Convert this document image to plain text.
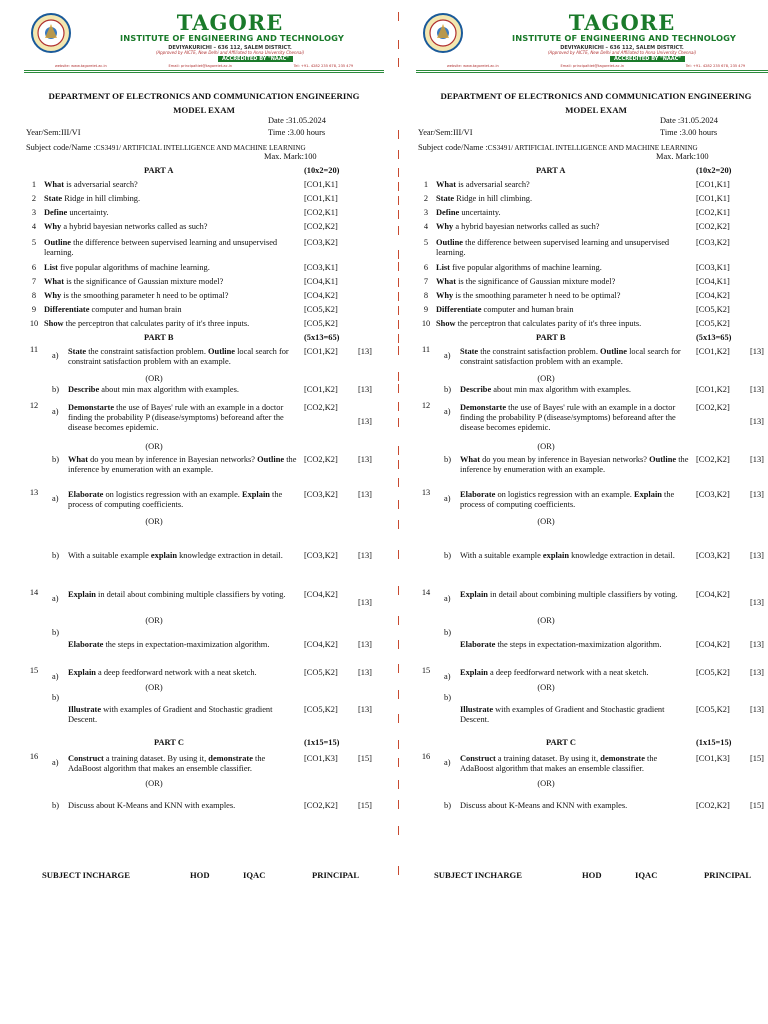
TAGORE
INSTITUTE OF ENGINEERING AND TECHNOLOGY
DEVIYAKURICHI – 636 112, SALEM DISTRICT.
(Approved by AICTE, New Delhi and Affiliated to Anna University Chennai)
ACCREDITED BY "NAAC"
website: www.tagoreiet.ac.in	Email: principaltiet@tagoreiet.ac.in	Tel: +91- 4282 235 678, 235 479
DEPARTMENT OF ELECTRONICS AND COMMUNICATION ENGINEERING
MODEL EXAM
Date :31.05.2024
Year/Sem:III/VI	Time :3.00 hours
Subject code/Name :CS3491/ ARTIFICIAL INTELLIGENCE AND MACHINE LEARNING
Max. Mark:100
PART A	(10x2=20)
1 What is adversarial search?	[CO1,K1]
2 State Ridge in hill climbing.	[CO1,K1]
3 Define uncertainty.	[CO2,K1]
4 Why a hybrid bayesian networks called as such?	[CO2,K2]
5 Outline the difference between supervised learning and unsupervised learning.
[CO3,K2]
6 List five popular algorithms of machine learning.	[CO3,K1]
7 What is the significance of Gaussian mixture model?	[CO4,K1]
8 Why is the smoothing parameter h need to be optimal?	[CO4,K2]
9 Differentiate computer and human brain	[CO5,K2]
10 Show the perceptron that calculates parity of it's three inputs.	[CO5,K2]
PART B	(5x13=65)
11
a) State the constraint satisfaction problem. Outline local search for constraint satisfaction problem with an example.
[CO1,K2] [13]
(OR)
b) Describe about min max algorithm with examples.	[CO1,K2] [13]
12
a) Demonstarte the use of Bayes' rule with an example in a doctor finding the probability P (disease/symptoms) beforeand after the disease becomes epidemic.
[CO2,K2]
[13]
(OR)
b) What do you mean by inference in Bayesian networks? Outline the inference by enumeration with an example.
[CO2,K2] [13]
13
a) Elaborate on logistics regression with an example. Explain the process of computing coefficients.
[CO3,K2] [13]
(OR)
b) With a suitable example explain knowledge extraction in detail.	[CO3,K2] [13]
14
a) Explain in detail about combining multiple classifiers by voting.	[CO4,K2]
[13]
(OR)
b)
Elaborate the steps in expectation-maximization algorithm.	[CO4,K2] [13]
15
a) Explain a deep feedforward network with a neat sketch.	[CO5,K2] [13]
(OR)
b)
Illustrate with examples of Gradient and Stochastic gradient Descent.
[CO5,K2] [13]
PART C	(1x15=15)
16
a) Construct a training dataset. By using it, demonstrate the AdaBoost algorithm that makes an ensemble classifier.
[CO1,K3] [15]
(OR)
b) Discuss about K-Means and KNN with examples.	[CO2,K2] [15]
SUBJECT INCHARGE	HOD	IQAC	PRINCIPAL
TAGORE
INSTITUTE OF ENGINEERING AND TECHNOLOGY
DEVIYAKURICHI – 636 112, SALEM DISTRICT.
(Approved by AICTE, New Delhi and Affiliated to Anna University Chennai)
ACCREDITED BY "NAAC"
website: www.tagoreiet.ac.in	Email: principaltiet@tagoreiet.ac.in	Tel: +91- 4282 235 678, 235 479
DEPARTMENT OF ELECTRONICS AND COMMUNICATION ENGINEERING
MODEL EXAM
Date :31.05.2024
Year/Sem:III/VI	Time :3.00 hours
Subject code/Name :CS3491/ ARTIFICIAL INTELLIGENCE AND MACHINE LEARNING
Max. Mark:100
PART A	(10x2=20)
1 What is adversarial search?	[CO1,K1]
2 State Ridge in hill climbing.	[CO1,K1]
3 Define uncertainty.	[CO2,K1]
4 Why a hybrid bayesian networks called as such?	[CO2,K2]
5 Outline the difference between supervised learning and unsupervised learning.
[CO3,K2]
6 List five popular algorithms of machine learning.	[CO3,K1]
7 What is the significance of Gaussian mixture model?	[CO4,K1]
8 Why is the smoothing parameter h need to be optimal?	[CO4,K2]
9 Differentiate computer and human brain	[CO5,K2]
10 Show the perceptron that calculates parity of it's three inputs.	[CO5,K2]
PART B	(5x13=65)
11
a) State the constraint satisfaction problem. Outline local search for constraint satisfaction problem with an example.
[CO1,K2] [13]
(OR)
b) Describe about min max algorithm with examples.	[CO1,K2] [13]
12
a) Demonstarte the use of Bayes' rule with an example in a doctor finding the probability P (disease/symptoms) beforeand after the disease becomes epidemic.
[CO2,K2]
[13]
(OR)
b) What do you mean by inference in Bayesian networks? Outline the inference by enumeration with an example.
[CO2,K2] [13]
13
a) Elaborate on logistics regression with an example. Explain the process of computing coefficients.
[CO3,K2] [13]
(OR)
b) With a suitable example explain knowledge extraction in detail.	[CO3,K2] [13]
14
a) Explain in detail about combining multiple classifiers by voting.	[CO4,K2]
[13]
(OR)
b)
Elaborate the steps in expectation-maximization algorithm.	[CO4,K2] [13]
15
a) Explain a deep feedforward network with a neat sketch.	[CO5,K2] [13]
(OR)
b)
Illustrate with examples of Gradient and Stochastic gradient Descent.
[CO5,K2] [13]
PART C	(1x15=15)
16
a) Construct a training dataset. By using it, demonstrate the AdaBoost algorithm that makes an ensemble classifier.
[CO1,K3] [15]
(OR)
b) Discuss about K-Means and KNN with examples.	[CO2,K2] [15]
SUBJECT INCHARGE	HOD	IQAC	PRINCIPAL
